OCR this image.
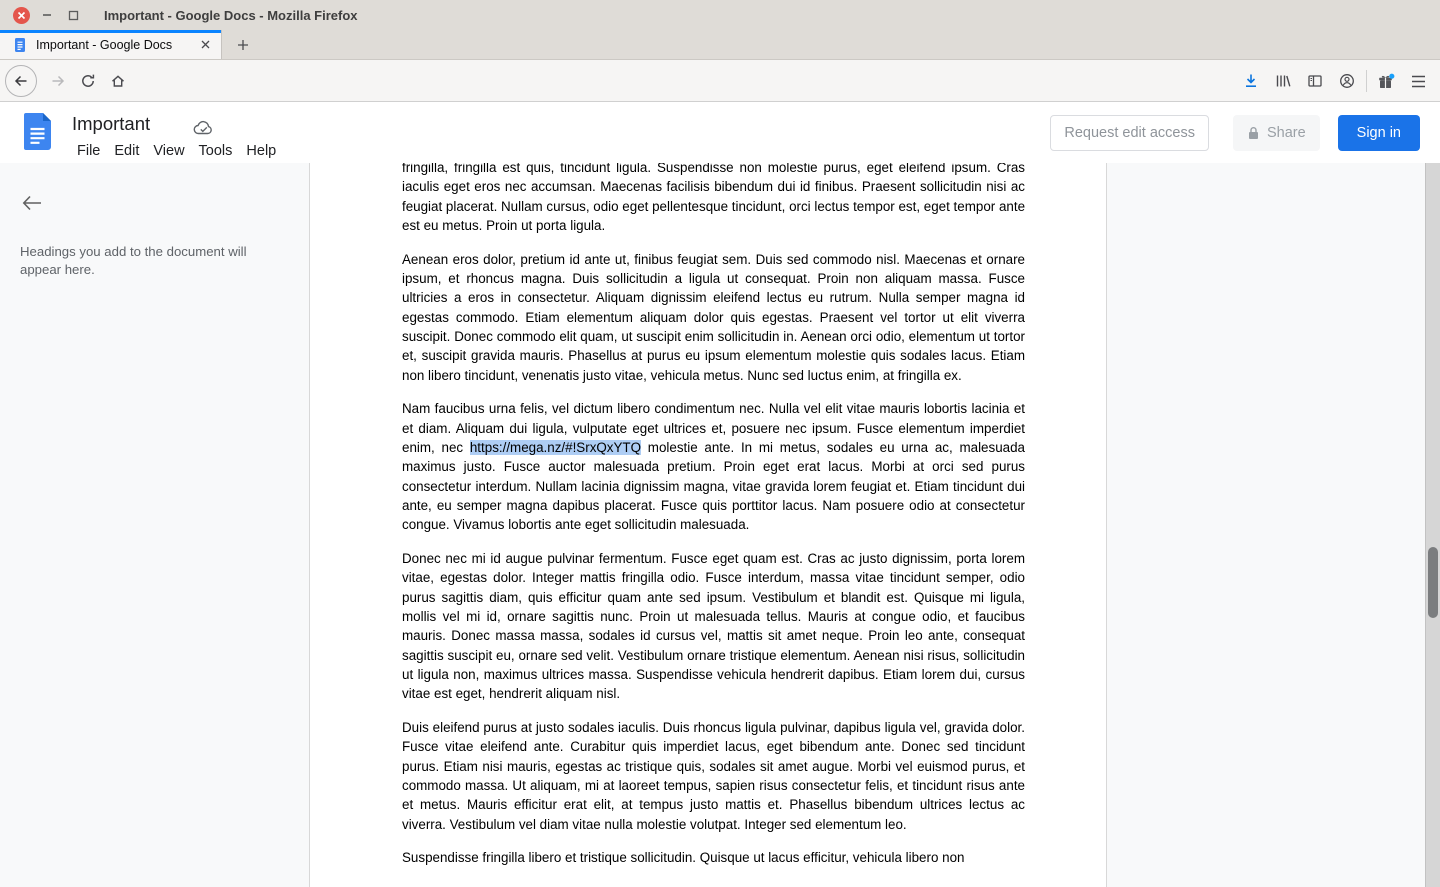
Important - Google Docs - Mozilla Firefox
Important - Google Docs
Important
File Edit View Tools Help
Request edit access	Share	Sign in
Headings you add to the document will appear here.

fringilla, fringilla est quis, tincidunt ligula. Suspendisse non molestie purus, eget eleifend ipsum. Cras iaculis eget eros nec accumsan. Maecenas facilisis bibendum dui id finibus. Praesent sollicitudin nisi ac feugiat placerat. Nullam cursus, odio eget pellentesque tincidunt, orci lectus tempor est, eget tempor ante est eu metus. Proin ut porta ligula.

Aenean eros dolor, pretium id ante ut, finibus feugiat sem. Duis sed commodo nisl. Maecenas et ornare ipsum, et rhoncus magna. Duis sollicitudin a ligula ut consequat. Proin non aliquam massa. Fusce ultricies a eros in consectetur. Aliquam dignissim eleifend lectus eu rutrum. Nulla semper magna id egestas commodo. Etiam elementum aliquam dolor quis egestas. Praesent vel tortor ut elit viverra suscipit. Donec commodo elit quam, ut suscipit enim sollicitudin in. Aenean orci odio, elementum ut tortor et, suscipit gravida mauris. Phasellus at purus eu ipsum elementum molestie quis sodales lacus. Etiam non libero tincidunt, venenatis justo vitae, vehicula metus. Nunc sed luctus enim, at fringilla ex.

Nam faucibus urna felis, vel dictum libero condimentum nec. Nulla vel elit vitae mauris lobortis lacinia et et diam. Aliquam dui ligula, vulputate eget ultrices et, posuere nec ipsum. Fusce elementum imperdiet enim, nec https://mega.nz/#!SrxQxYTQ molestie ante. In mi metus, sodales eu urna ac, malesuada maximus justo. Fusce auctor malesuada pretium. Proin eget erat lacus. Morbi at orci sed purus consectetur interdum. Nullam lacinia dignissim magna, vitae gravida lorem feugiat et. Etiam tincidunt dui ante, eu semper magna dapibus placerat. Fusce quis porttitor lacus. Nam posuere odio at consectetur congue. Vivamus lobortis ante eget sollicitudin malesuada.

Donec nec mi id augue pulvinar fermentum. Fusce eget quam est. Cras ac justo dignissim, porta lorem vitae, egestas dolor. Integer mattis fringilla odio. Fusce interdum, massa vitae tincidunt semper, odio purus sagittis diam, quis efficitur quam ante sed ipsum. Vestibulum et blandit est. Quisque mi ligula, mollis vel mi id, ornare sagittis nunc. Proin ut malesuada tellus. Mauris at congue odio, et faucibus mauris. Donec massa massa, sodales id cursus vel, mattis sit amet neque. Proin leo ante, consequat sagittis suscipit eu, ornare sed velit. Vestibulum ornare tristique elementum. Aenean nisi risus, sollicitudin ut ligula non, maximus ultrices massa. Suspendisse vehicula hendrerit dapibus. Etiam lorem dui, cursus vitae est eget, hendrerit aliquam nisl.

Duis eleifend purus at justo sodales iaculis. Duis rhoncus ligula pulvinar, dapibus ligula vel, gravida dolor. Fusce vitae eleifend ante. Curabitur quis imperdiet lacus, eget bibendum ante. Donec sed tincidunt purus. Etiam nisi mauris, egestas ac tristique quis, sodales sit amet augue. Morbi vel euismod purus, et commodo massa. Ut aliquam, mi at laoreet tempus, sapien risus consectetur felis, et tincidunt risus ante et metus. Mauris efficitur erat elit, at tempus justo mattis et. Phasellus bibendum ultrices lectus ac viverra. Vestibulum vel diam vitae nulla molestie volutpat. Integer sed elementum leo.

Suspendisse fringilla libero et tristique sollicitudin. Quisque ut lacus efficitur, vehicula libero non
